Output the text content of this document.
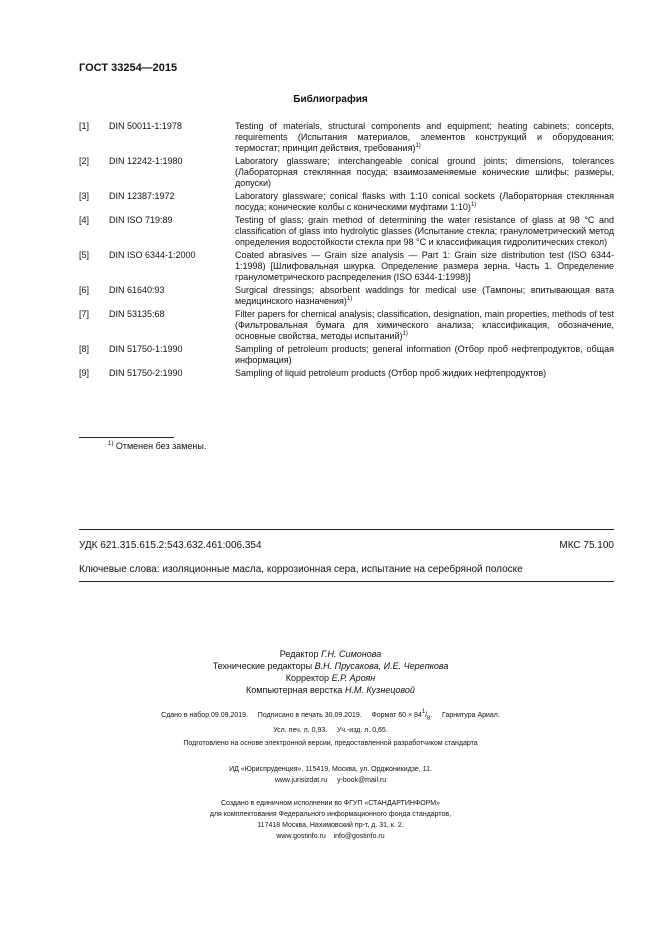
ГОСТ 33254—2015
Библиография
[1] DIN 50011-1:1978	Testing of materials, structural components and equipment; heating cabinets; concepts, requirements (Испытания материалов, элементов конструкций и оборудования; термостат; принцип действия, требования)$^{1)}$
[2] DIN 12242-1:1980	Laboratory glassware; interchangeable conical ground joints; dimensions, tolerances (Лабораторная стеклянная посуда; взаимозаменяемые конические шлифы; размеры, допуски)
[3] DIN 12387:1972	Laboratory glassware; conical flasks with 1:10 conical sockets (Лабораторная стеклянная посуда; конические колбы с коническими муфтами 1:10)$^{1)}$
[4] DIN ISO 719:89	Testing of glass; grain method of determining the water resistance of glass at 98 °C and classification of glass into hydrolytic glasses (Испытание стекла; гранулометрический метод определения водостойкости стекла при 98 °C и классификация гидролитических стекол)
[5] DIN ISO 6344-1:2000	Coated abrasives — Grain size analysis — Part 1: Grain size distribution test (ISO 6344-1:1998) [Шлифовальная шкурка. Определение размера зерна. Часть 1. Определение гранулометрического распределения (ISO 6344-1:1998)]
[6] DIN 61640:93	Surgical dressings; absorbent waddings for medical use (Тампоны; впитывающая вата медицинского назначения)$^{1)}$
[7] DIN 53135:68	Filter papers for chemical analysis; classification, designation, main properties, methods of test (Фильтровальная бумага для химического анализа; классификация, обозначение, основные свойства, методы испытаний)$^{1)}$
[8] DIN 51750-1:1990	Sampling of petroleum products; general information (Отбор проб нефтепродуктов, общая информация)
[9] DIN 51750-2:1990	Sampling of liquid petroleum products (Отбор проб жидких нефтепродуктов)
$^{1)}$ Отменен без замены.
УДК 621.315.615.2:543.632.461:006.354	МКС 75.100
Ключевые слова: изоляционные масла, коррозионная сера, испытание на серебряной полоске
Редактор Г.Н. Симонова
Технические редакторы В.Н. Прусакова, И.Е. Черепкова
Корректор Е.Р. Ароян
Компьютерная верстка Н.М. Кузнецовой
Сдано в набор 09.09.2019. Подписано в печать 30.09.2019. Формат $60 \times 84^1/_8$. Гарнитура Ариал.
Усл. печ. л. 0,93. Уч.-изд. л. 0,65.
Подготовлено на основе электронной версии, предоставленной разработчиком стандарта
ИД «Юриспруденция», 115419, Москва, ул. Орджоникидзе, 11.
www.jurisizdat.ru y-book@mail.ru
Создано в единичном исполнении во ФГУП «СТАНДАРТИНФОРМ»
для комплектования Федерального информационного фонда стандартов,
117418 Москва, Нахимовский пр-т, д. 31, к. 2.
www.gostinfo.ru info@gostinfo.ru
